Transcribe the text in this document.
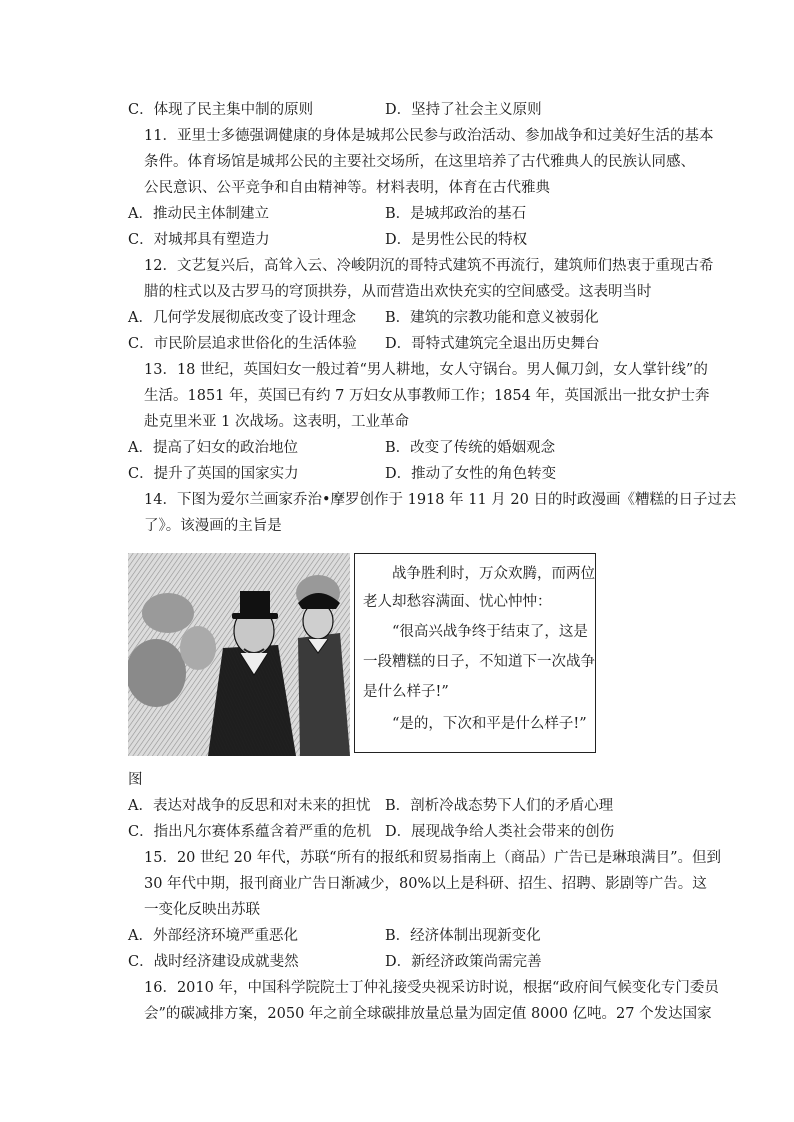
C．体现了民主集中制的原则	D．坚持了社会主义原则
11．亚里士多德强调健康的身体是城邦公民参与政治活动、参加战争和过美好生活的基本
条件。体育场馆是城邦公民的主要社交场所，在这里培养了古代雅典人的民族认同感、
公民意识、公平竞争和自由精神等。材料表明，体育在古代雅典
A．推动民主体制建立	B．是城邦政治的基石
C．对城邦具有塑造力	D．是男性公民的特权
12．文艺复兴后，高耸入云、冷峻阴沉的哥特式建筑不再流行，建筑师们热衷于重现古希
腊的柱式以及古罗马的穹顶拱券，从而营造出欢快充实的空间感受。这表明当时
A．几何学发展彻底改变了设计理念 B．建筑的宗教功能和意义被弱化
C．市民阶层追求世俗化的生活体验 D．哥特式建筑完全退出历史舞台
13．18 世纪，英国妇女一般过着“男人耕地，女人守锅台。男人佩刀剑，女人掌针线”的
生活。1851 年，英国已有约 7 万妇女从事教师工作；1854 年，英国派出一批女护士奔
赴克里米亚 1 次战场。这表明，工业革命
A．提高了妇女的政治地位	B．改变了传统的婚姻观念
C．提升了英国的国家实力	D．推动了女性的角色转变
14．下图为爱尔兰画家乔治•摩罗创作于 1918 年 11 月 20 日的时政漫画《糟糕的日子过去
了》。该漫画的主旨是
战争胜利时，万众欢腾，而两位
老人却愁容满面、忧心忡忡：
“很高兴战争终于结束了，这是
一段糟糕的日子，不知道下一次战争
是什么样子!”
“是的，下次和平是什么样子!”
图
A．表达对战争的反思和对未来的担忧 B．剖析冷战态势下人们的矛盾心理
C．指出凡尔赛体系蕴含着严重的危机 D．展现战争给人类社会带来的创伤
15．20 世纪 20 年代，苏联“所有的报纸和贸易指南上（商品）广告已是琳琅满目”。但到
30 年代中期，报刊商业广告日渐减少，80%以上是科研、招生、招聘、影剧等广告。这
一变化反映出苏联
A．外部经济环境严重恶化	B．经济体制出现新变化
C．战时经济建设成就斐然	D．新经济政策尚需完善
16．2010 年，中国科学院院士丁仲礼接受央视采访时说，根据“政府间气候变化专门委员
会”的碳减排方案，2050 年之前全球碳排放量总量为固定值 8000 亿吨。27 个发达国家
